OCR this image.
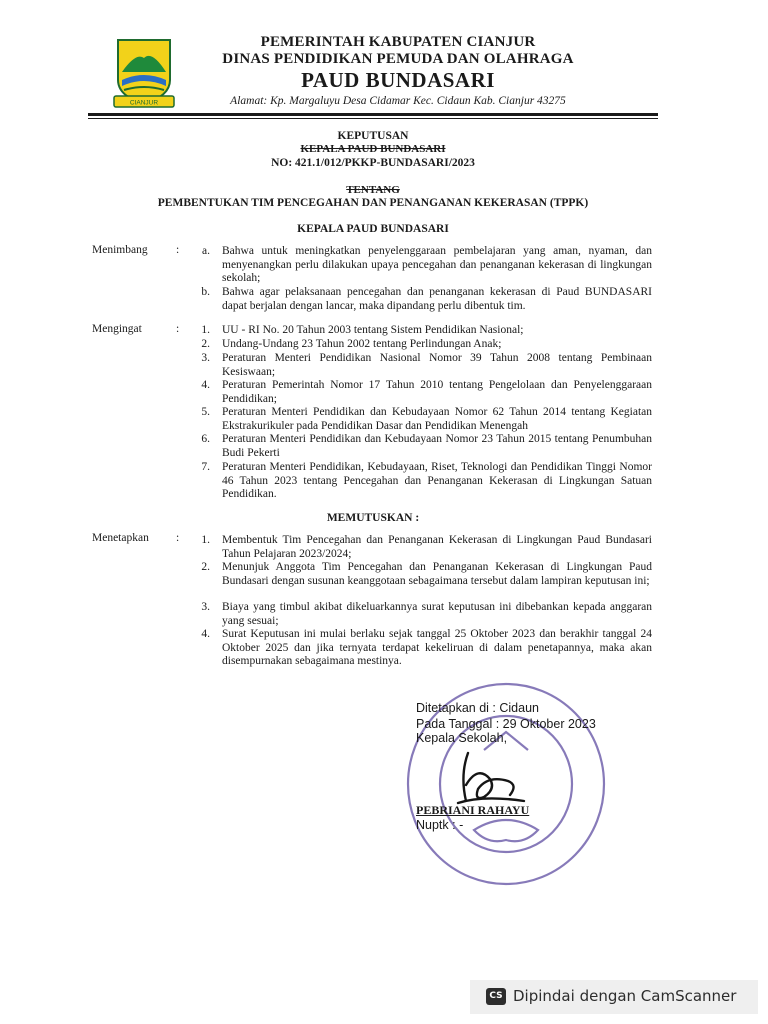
CIANJUR
PEMERINTAH KABUPATEN CIANJUR
DINAS PENDIDIKAN PEMUDA DAN OLAHRAGA
PAUD BUNDASARI
Alamat: Kp. Margaluyu Desa Cidamar Kec. Cidaun Kab. Cianjur 43275
KEPUTUSAN
KEPALA PAUD BUNDASARI
NO: 421.1/012/PKKP-BUNDASARI/2023
TENTANG
PEMBENTUKAN TIM PENCEGAHAN DAN PENANGANAN KEKERASAN (TPPK)
KEPALA PAUD BUNDASARI
Menimbang :	a. Bahwa untuk meningkatkan penyelenggaraan pembelajaran yang aman, nyaman, dan menyenangkan perlu dilakukan upaya pencegahan dan penanganan kekerasan di lingkungan sekolah;
b. Bahwa agar pelaksanaan pencegahan dan penanganan kekerasan di Paud BUNDASARI dapat berjalan dengan lancar, maka dipandang perlu dibentuk tim.
Mengingat	:	1. UU - RI No. 20 Tahun 2003 tentang Sistem Pendidikan Nasional;
2. Undang-Undang 23 Tahun 2002 tentang Perlindungan Anak;
3. Peraturan Menteri Pendidikan Nasional Nomor 39 Tahun 2008 tentang Pembinaan Kesiswaan;
4. Peraturan Pemerintah Nomor 17 Tahun 2010 tentang Pengelolaan dan Penyelenggaraan Pendidikan;
5. Peraturan Menteri Pendidikan dan Kebudayaan Nomor 62 Tahun 2014 tentang Kegiatan Ekstrakurikuler pada Pendidikan Dasar dan Pendidikan Menengah
6. Peraturan Menteri Pendidikan dan Kebudayaan Nomor 23 Tahun 2015 tentang Penumbuhan Budi Pekerti
7. Peraturan Menteri Pendidikan, Kebudayaan, Riset, Teknologi dan Pendidikan Tinggi Nomor 46 Tahun 2023 tentang Pencegahan dan Penanganan Kekerasan di Lingkungan Satuan Pendidikan.
MEMUTUSKAN :
Menetapkan :	1. Membentuk Tim Pencegahan dan Penanganan Kekerasan di Lingkungan Paud Bundasari Tahun Pelajaran 2023/2024;
2. Menunjuk Anggota Tim Pencegahan dan Penanganan Kekerasan di Lingkungan Paud Bundasari dengan susunan keanggotaan sebagaimana tersebut dalam lampiran keputusan ini;
3. Biaya yang timbul akibat dikeluarkannya surat keputusan ini dibebankan kepada anggaran yang sesuai;
4. Surat Keputusan ini mulai berlaku sejak tanggal 25 Oktober 2023 dan berakhir tanggal 24 Oktober 2025 dan jika ternyata terdapat kekeliruan di dalam penetapannya, maka akan disempurnakan sebagaimana mestinya.
Ditetapkan di : Cidaun
Pada Tanggal : 29 Oktober 2023
Kepala Sekolah,
PEBRIANI RAHAYU
Nuptk : -
CS Dipindai dengan CamScanner
